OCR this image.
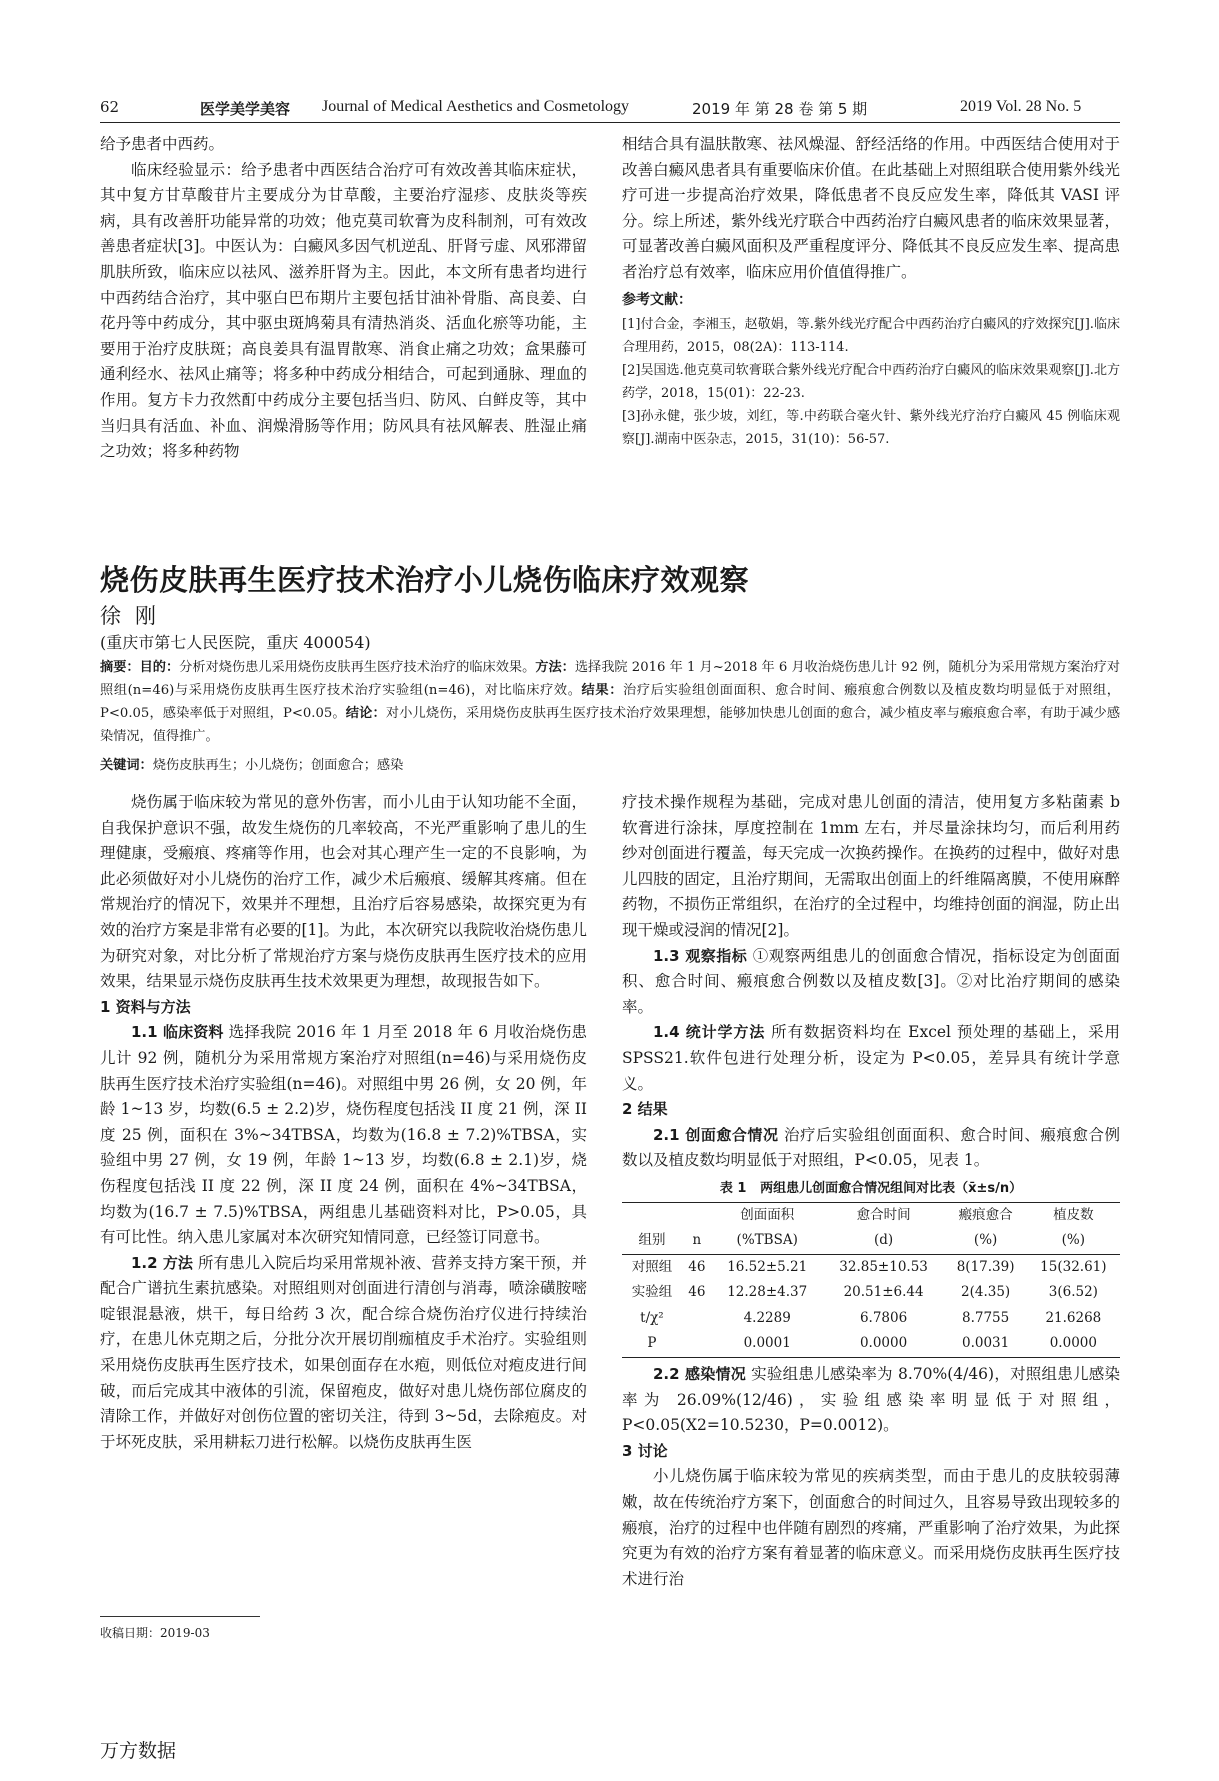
62	医学美学美容 Journal of Medical Aesthetics and Cosmetology	2019 年 第 28 卷 第 5 期	2019 Vol. 28 No. 5

给予患者中西药。

临床经验显示：给予患者中西医结合治疗可有效改善其临床症状，其中复方甘草酸苷片主要成分为甘草酸，主要治疗湿疹、皮肤炎等疾病，具有改善肝功能异常的功效；他克莫司软膏为皮科制剂，可有效改善患者症状[3]。中医认为：白癜风多因气机逆乱、肝肾亏虚、风邪滞留肌肤所致，临床应以祛风、滋养肝肾为主。因此，本文所有患者均进行中西药结合治疗，其中驱白巴布期片主要包括甘油补骨脂、高良姜、白花丹等中药成分，其中驱虫斑鸠菊具有清热消炎、活血化瘀等功能，主要用于治疗皮肤斑；高良姜具有温胃散寒、消食止痛之功效；盒果藤可通利经水、祛风止痛等；将多种中药成分相结合，可起到通脉、理血的作用。复方卡力孜然酊中药成分主要包括当归、防风、白鲜皮等，其中当归具有活血、补血、润燥滑肠等作用；防风具有祛风解表、胜湿止痛之功效；将多种药物

相结合具有温肤散寒、祛风燥湿、舒经活络的作用。中西医结合使用对于改善白癜风患者具有重要临床价值。在此基础上对照组联合使用紫外线光疗可进一步提高治疗效果，降低患者不良反应发生率，降低其 VASI 评分。综上所述，紫外线光疗联合中西药治疗白癜风患者的临床效果显著，可显著改善白癜风面积及严重程度评分、降低其不良反应发生率、提高患者治疗总有效率，临床应用价值值得推广。

参考文献：

[1]付合金，李湘玉，赵敬娟，等.紫外线光疗配合中西药治疗白癜风的疗效探究[J].临床合理用药，2015，08(2A)：113-114.

[2]吴国选.他克莫司软膏联合紫外线光疗配合中西药治疗白癜风的临床效果观察[J].北方药学，2018，15(01)：22-23.

[3]孙永健，张少坡，刘红，等.中药联合毫火针、紫外线光疗治疗白癜风 45 例临床观察[J].湖南中医杂志，2015，31(10)：56-57.

烧伤皮肤再生医疗技术治疗小儿烧伤临床疗效观察
徐刚
(重庆市第七人民医院，重庆 400054)
摘要：目的：分析对烧伤患儿采用烧伤皮肤再生医疗技术治疗的临床效果。方法：选择我院 2016 年 1 月~2018 年 6 月收治烧伤患儿计 92 例，随机分为采用常规方案治疗对照组(n=46)与采用烧伤皮肤再生医疗技术治疗实验组(n=46)，对比临床疗效。结果：治疗后实验组创面面积、愈合时间、瘢痕愈合例数以及植皮数均明显低于对照组，P<0.05，感染率低于对照组，P<0.05。结论：对小儿烧伤，采用烧伤皮肤再生医疗技术治疗效果理想，能够加快患儿创面的愈合，减少植皮率与瘢痕愈合率，有助于减少感染情况，值得推广。
关键词：烧伤皮肤再生；小儿烧伤；创面愈合；感染

烧伤属于临床较为常见的意外伤害，而小儿由于认知功能不全面，自我保护意识不强，故发生烧伤的几率较高，不光严重影响了患儿的生理健康，受瘢痕、疼痛等作用，也会对其心理产生一定的不良影响，为此必须做好对小儿烧伤的治疗工作，减少术后瘢痕、缓解其疼痛。但在常规治疗的情况下，效果并不理想，且治疗后容易感染，故探究更为有效的治疗方案是非常有必要的[1]。为此，本次研究以我院收治烧伤患儿为研究对象，对比分析了常规治疗方案与烧伤皮肤再生医疗技术的应用效果，结果显示烧伤皮肤再生技术效果更为理想，故现报告如下。

1 资料与方法

1.1 临床资料 选择我院 2016 年 1 月至 2018 年 6 月收治烧伤患儿计 92 例，随机分为采用常规方案治疗对照组(n=46)与采用烧伤皮肤再生医疗技术治疗实验组(n=46)。对照组中男 26 例，女 20 例，年龄 1~13 岁，均数(6.5 ± 2.2)岁，烧伤程度包括浅 II 度 21 例，深 II 度 25 例，面积在 3%~34TBSA，均数为(16.8 ± 7.2)%TBSA，实验组中男 27 例，女 19 例，年龄 1~13 岁，均数(6.8 ± 2.1)岁，烧伤程度包括浅 II 度 22 例，深 II 度 24 例，面积在 4%~34TBSA，均数为(16.7 ± 7.5)%TBSA，两组患儿基础资料对比，P>0.05，具有可比性。纳入患儿家属对本次研究知情同意，已经签订同意书。

1.2 方法 所有患儿入院后均采用常规补液、营养支持方案干预，并配合广谱抗生素抗感染。对照组则对创面进行清创与消毒，喷涂磺胺嘧啶银混悬液，烘干，每日给药 3 次，配合综合烧伤治疗仪进行持续治疗，在患儿休克期之后，分批分次开展切削痂植皮手术治疗。实验组则采用烧伤皮肤再生医疗技术，如果创面存在水疱，则低位对疱皮进行间破，而后完成其中液体的引流，保留疱皮，做好对患儿烧伤部位腐皮的清除工作，并做好对创伤位置的密切关注，待到 3~5d，去除疱皮。对于坏死皮肤，采用耕耘刀进行松解。以烧伤皮肤再生医

收稿日期：2019-03

疗技术操作规程为基础，完成对患儿创面的清洁，使用复方多粘菌素 b 软膏进行涂抹，厚度控制在 1mm 左右，并尽量涂抹均匀，而后利用药纱对创面进行覆盖，每天完成一次换药操作。在换药的过程中，做好对患儿四肢的固定，且治疗期间，无需取出创面上的纤维隔离膜，不使用麻醉药物，不损伤正常组织，在治疗的全过程中，均维持创面的润湿，防止出现干燥或浸润的情况[2]。

1.3 观察指标 ①观察两组患儿的创面愈合情况，指标设定为创面面积、愈合时间、瘢痕愈合例数以及植皮数[3]。②对比治疗期间的感染率。

1.4 统计学方法 所有数据资料均在 Excel 预处理的基础上，采用 SPSS21.软件包进行处理分析，设定为 P<0.05，差异具有统计学意义。

2 结果

2.1 创面愈合情况 治疗后实验组创面面积、愈合时间、瘢痕愈合例数以及植皮数均明显低于对照组，P<0.05，见表 1。

表 1 两组患儿创面愈合情况组间对比表（x̄±s/n）
		创面面积	愈合时间	瘢痕愈合	植皮数
组别	n	(%TBSA)	(d)	(%)	(%)
对照组	46	16.52±5.21	32.85±10.53	8(17.39)	15(32.61)
实验组	46	12.28±4.37	20.51±6.44	2(4.35)	3(6.52)
t/χ²		4.2289	6.7806	8.7755	21.6268
P		0.0001	0.0000	0.0031	0.0000

2.2 感染情况 实验组患儿感染率为 8.70%(4/46)，对照组患儿感染率为 26.09%(12/46)，实验组感染率明显低于对照组，P<0.05(X2=10.5230，P=0.0012)。

3 讨论

小儿烧伤属于临床较为常见的疾病类型，而由于患儿的皮肤较弱薄嫩，故在传统治疗方案下，创面愈合的时间过久，且容易导致出现较多的瘢痕，治疗的过程中也伴随有剧烈的疼痛，严重影响了治疗效果，为此探究更为有效的治疗方案有着显著的临床意义。而采用烧伤皮肤再生医疗技术进行治

万方数据
